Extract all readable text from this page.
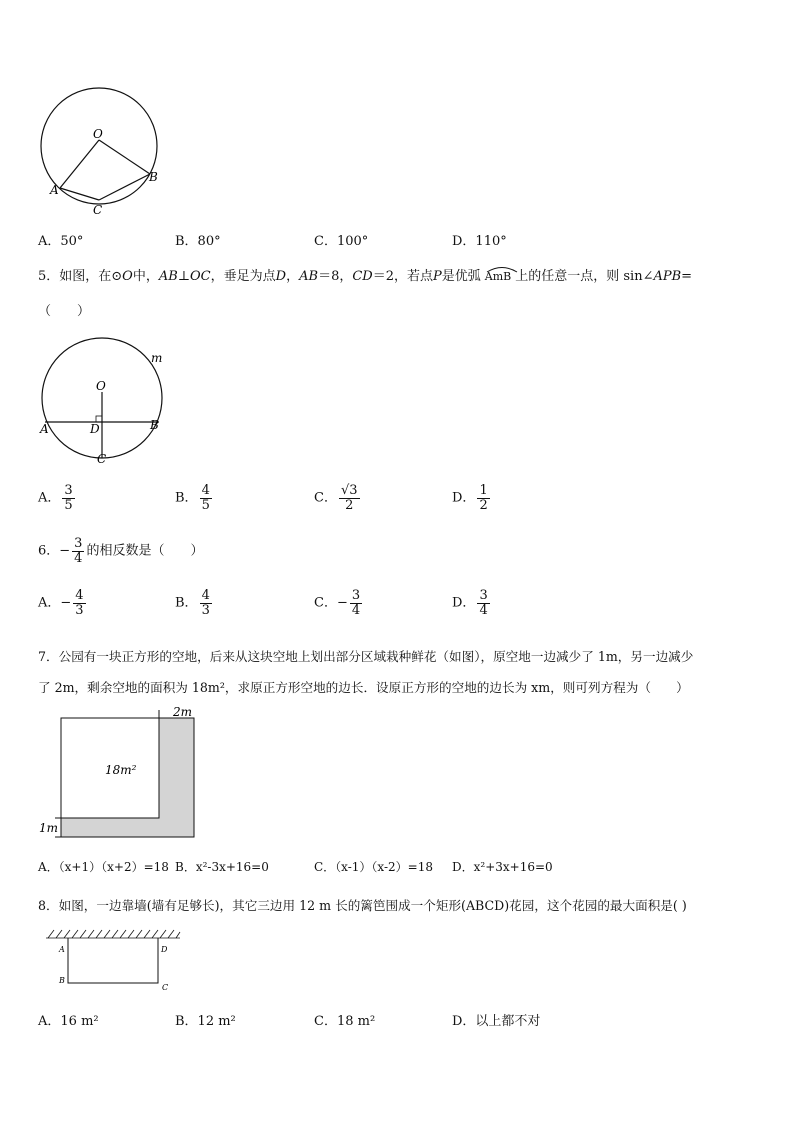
O
A
B
C
A．50°	B．80°	C．100°	D．110°
5．如图，在⊙O中，AB⊥OC，垂足为点D，AB＝8，CD＝2，若点P是优弧 AmB 上的任意一点，则 sin∠APB=
（　　）
m
O
D
A	B
C
A． $\frac{3}{5}$	B． $\frac{4}{5}$	C． $\frac{√3}{2}$	D． $\frac{1}{2}$
6．− $\frac{3}{4}$ 的相反数是（　　）
A．− $\frac{4}{3}$	B． $\frac{4}{3}$	C．− $\frac{3}{4}$	D． $\frac{3}{4}$
7．公园有一块正方形的空地，后来从这块空地上划出部分区域栽种鲜花（如图），原空地一边减少了 1m，另一边减少
了 2m，剩余空地的面积为 18m²，求原正方形空地的边长．设原正方形的空地的边长为 xm，则可列方程为（　　）
2m
18m²
1m
A．（x+1）（x+2）=18 B．x²-3x+16=0	C．（x-1）（x-2）=18 D．x²+3x+16=0
8．如图，一边靠墙(墙有足够长)，其它三边用 12 m 长的篱笆围成一个矩形(ABCD)花园，这个花园的最大面积是( )
A
B
C
D
A．16 m²	B．12 m²	C．18 m²	D．以上都不对
